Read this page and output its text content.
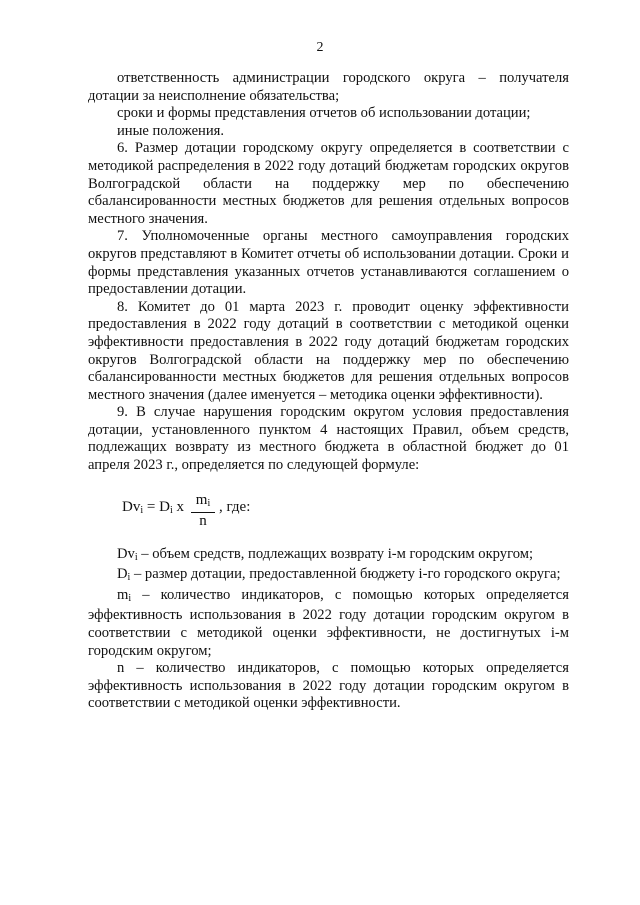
2

ответственность администрации городского округа – получателя дотации за неисполнение обязательства;

сроки и формы представления отчетов об использовании дотации;

иные положения.

6. Размер дотации городскому округу определяется в соответствии с методикой распределения в 2022 году дотаций бюджетам городских округов Волгоградской области на поддержку мер по обеспечению сбалансированности местных бюджетов для решения отдельных вопросов местного значения.

7. Уполномоченные органы местного самоуправления городских округов представляют в Комитет отчеты об использовании дотации. Сроки и формы представления указанных отчетов устанавливаются соглашением о предоставлении дотации.

8. Комитет до 01 марта 2023 г. проводит оценку эффективности предоставления в 2022 году дотаций в соответствии с методикой оценки эффективности предоставления в 2022 году дотаций бюджетам городских округов Волгоградской области на поддержку мер по обеспечению сбалансированности местных бюджетов для решения отдельных вопросов местного значения (далее именуется – методика оценки эффективности).

9. В случае нарушения городским округом условия предоставления дотации, установленного пунктом 4 настоящих Правил, объем средств, подлежащих возврату из местного бюджета в областной бюджет до 01 апреля 2023 г., определяется по следующей формуле:

$Dv_i = D_i$ x $\frac{m_i}{n}$ , где:

$Dv_i$ – объем средств, подлежащих возврату i-м городским округом;

$D_i$ – размер дотации, предоставленной бюджету i-го городского округа;

$m_i$ – количество индикаторов, с помощью которых определяется эффективность использования в 2022 году дотации городским округом в соответствии с методикой оценки эффективности, не достигнутых i-м городским округом;

n – количество индикаторов, с помощью которых определяется эффективность использования в 2022 году дотации городским округом в соответствии с методикой оценки эффективности.
